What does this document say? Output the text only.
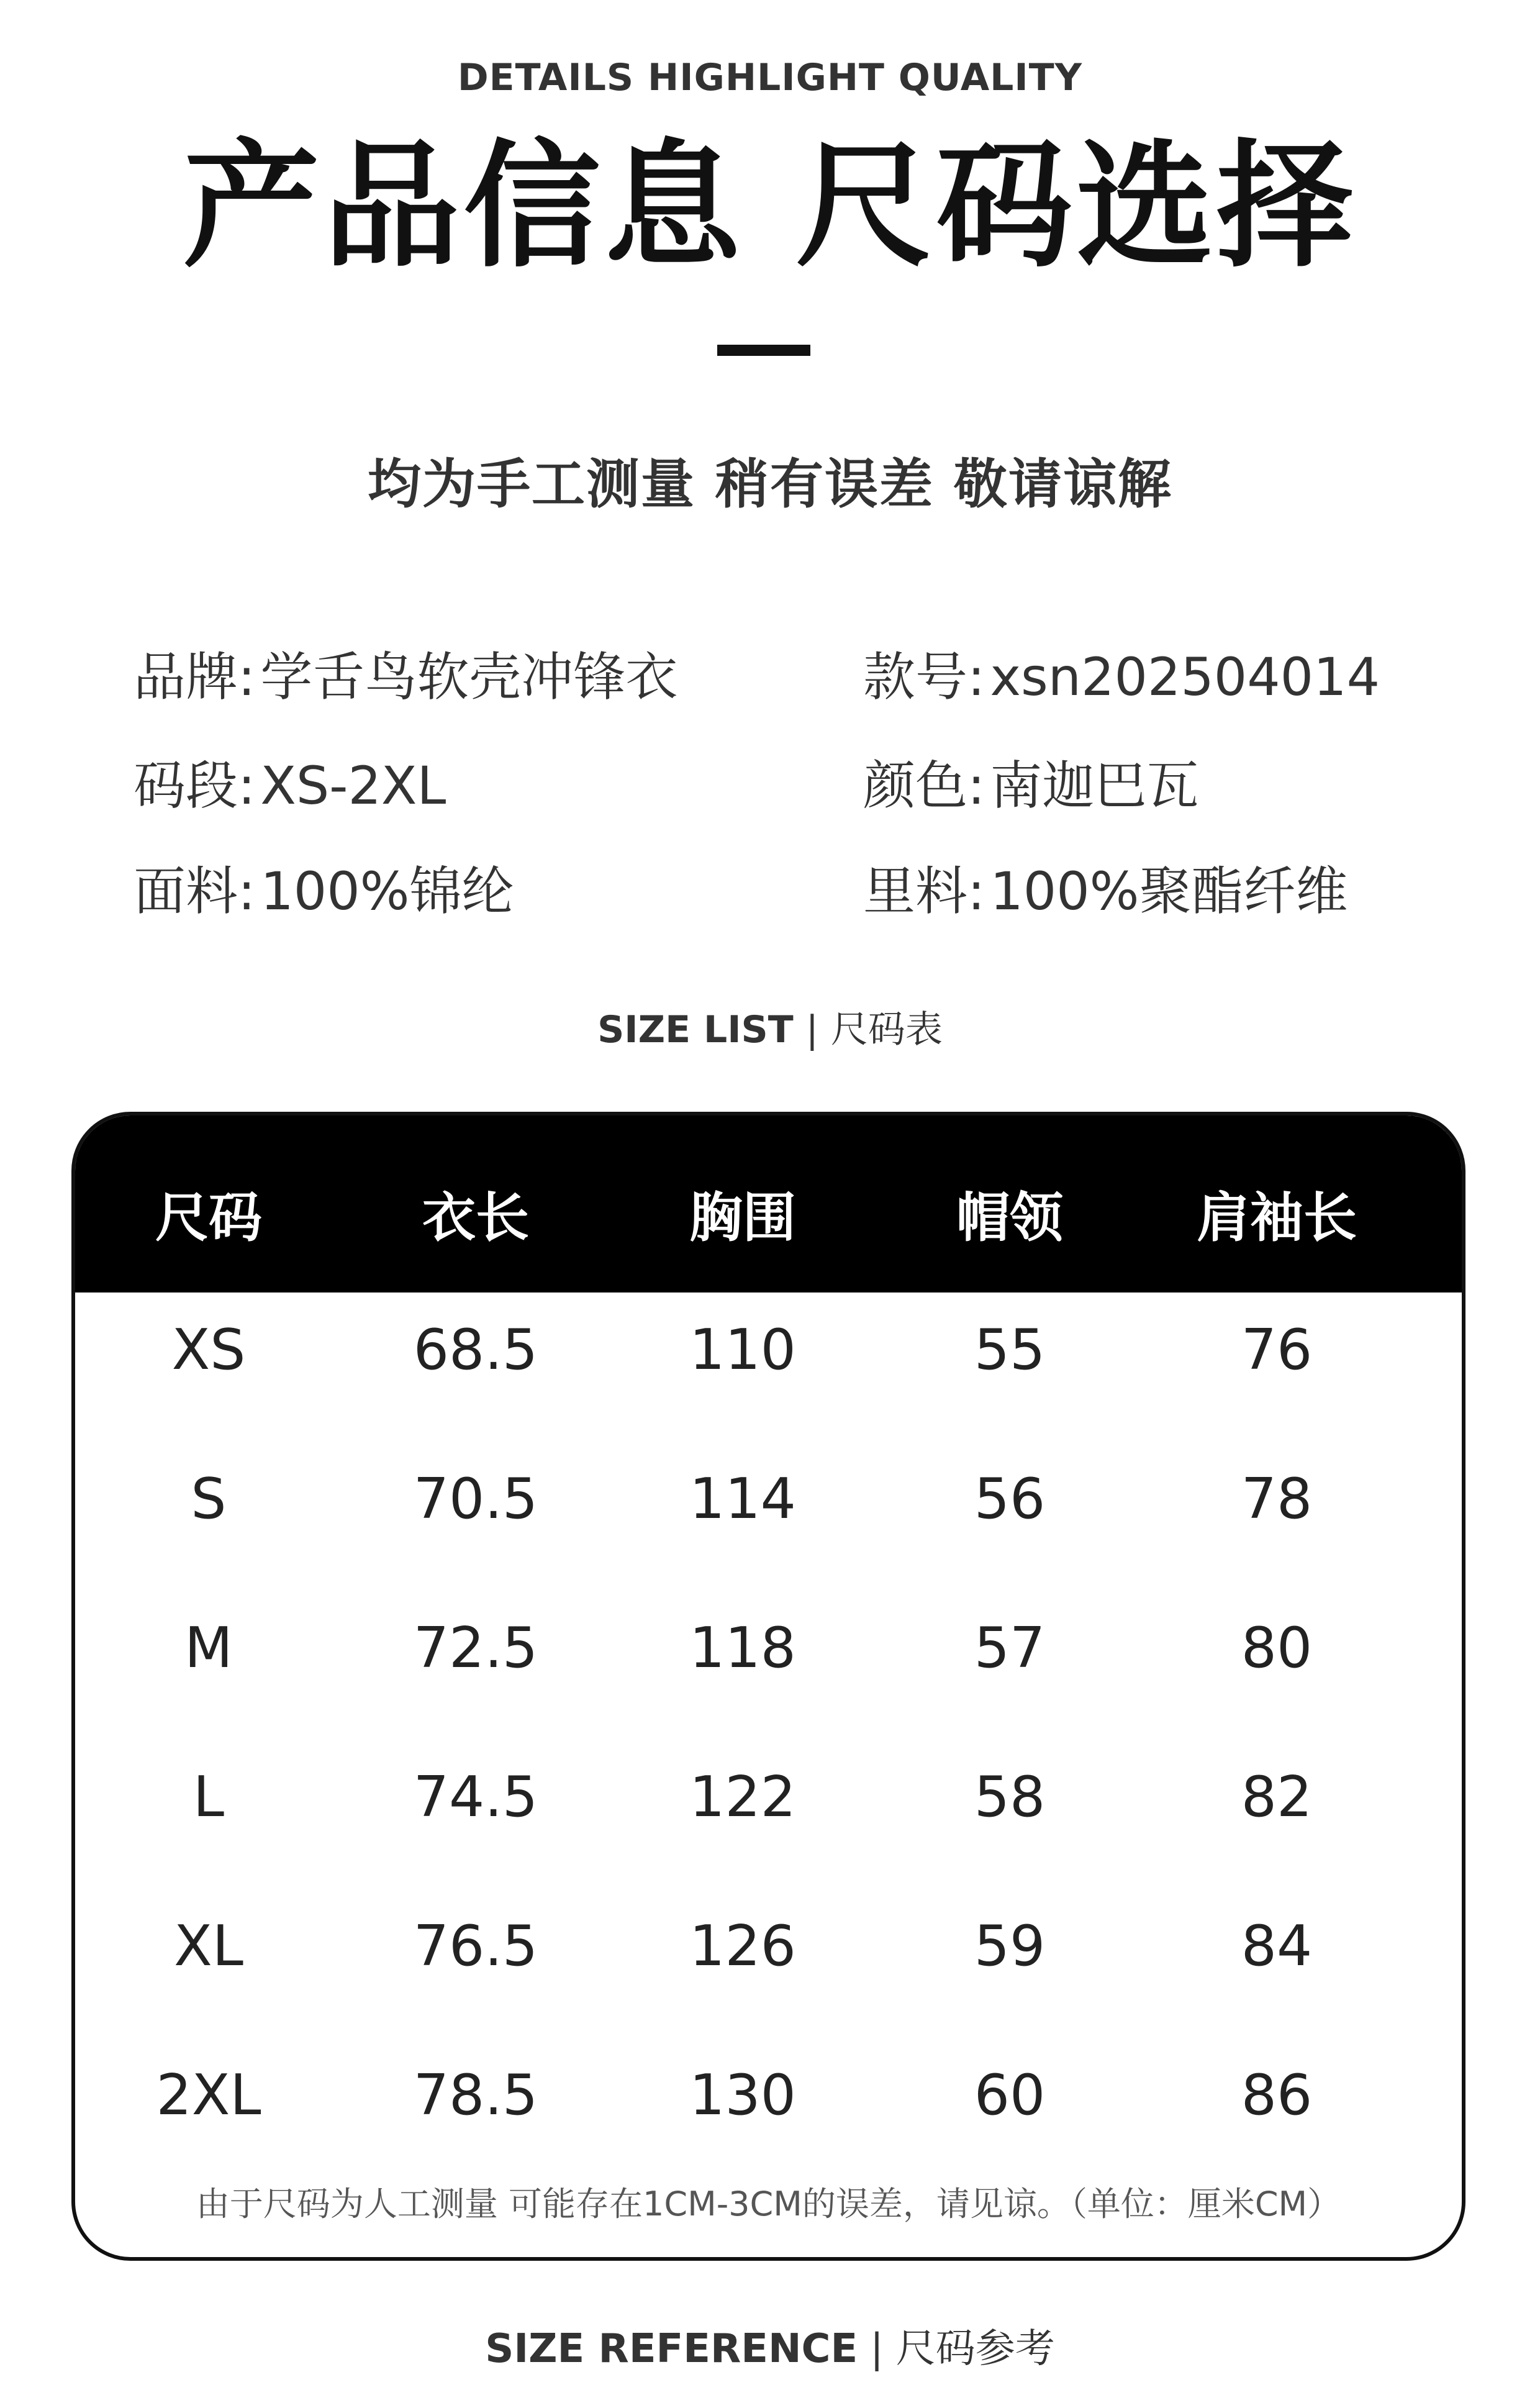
DETAILS HIGHLIGHT QUALITY
产品信息 尺码选择
均为手工测量 稍有误差 敬请谅解
品牌:学舌鸟软壳冲锋衣	款号:xsn202504014
码段:XS-2XL	颜色:南迦巴瓦
面料:100%锦纶	里料:100%聚酯纤维
SIZE LIST | 尺码表
尺码	衣长	胸围	帽领	肩袖长
XS	68.5	110	55	76
S	70.5	114	56	78
M	72.5	118	57	80
L	74.5	122	58	82
XL	76.5	126	59	84
2XL	78.5	130	60	86
由于尺码为人工测量 可能存在1CM-3CM的误差，请见谅。（单位：厘米CM）
SIZE REFERENCE | 尺码参考
